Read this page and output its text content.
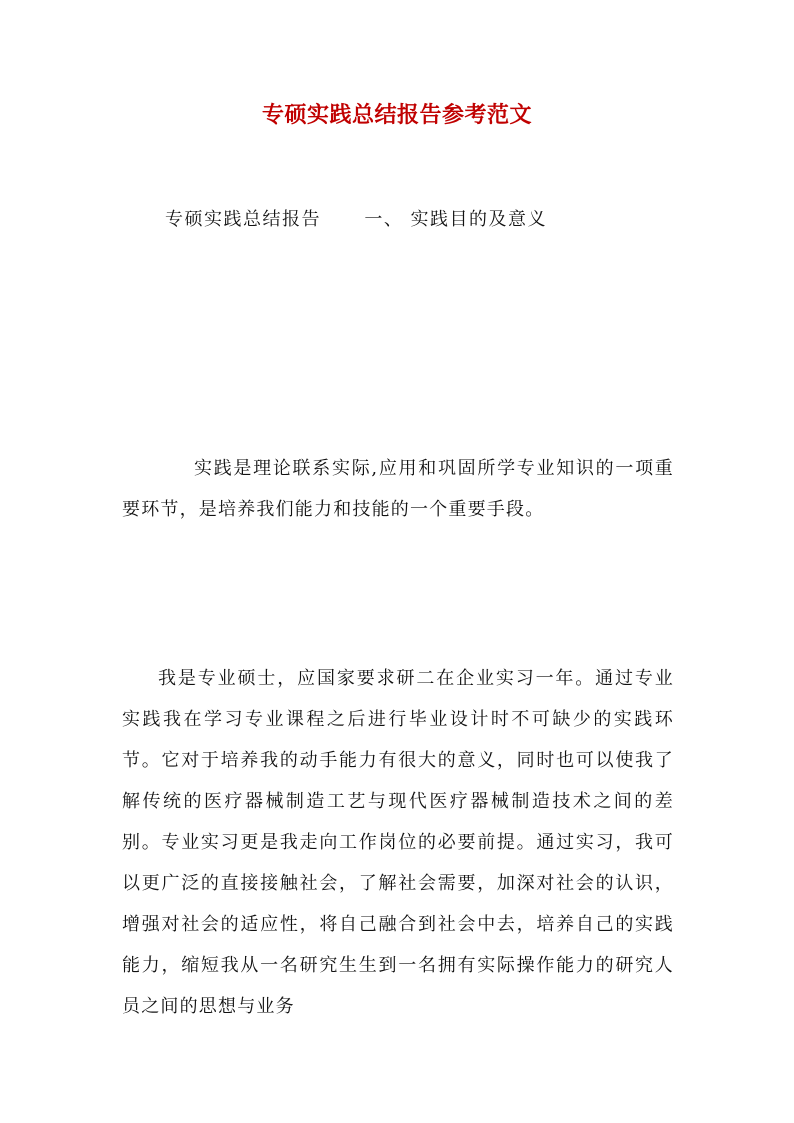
专硕实践总结报告参考范文
专硕实践总结报告      一、 实践目的及意义
实践是理论联系实际,应用和巩固所学专业知识的一项重要环节，是培养我们能力和技能的一个重要手段。
我是专业硕士，应国家要求研二在企业实习一年。通过专业实践我在学习专业课程之后进行毕业设计时不可缺少的实践环节。它对于培养我的动手能力有很大的意义，同时也可以使我了解传统的医疗器械制造工艺与现代医疗器械制造技术之间的差别。专业实习更是我走向工作岗位的必要前提。通过实习，我可以更广泛的直接接触社会，了解社会需要，加深对社会的认识，增强对社会的适应性，将自己融合到社会中去，培养自己的实践能力，缩短我从一名研究生生到一名拥有实际操作能力的研究人员之间的思想与业务
